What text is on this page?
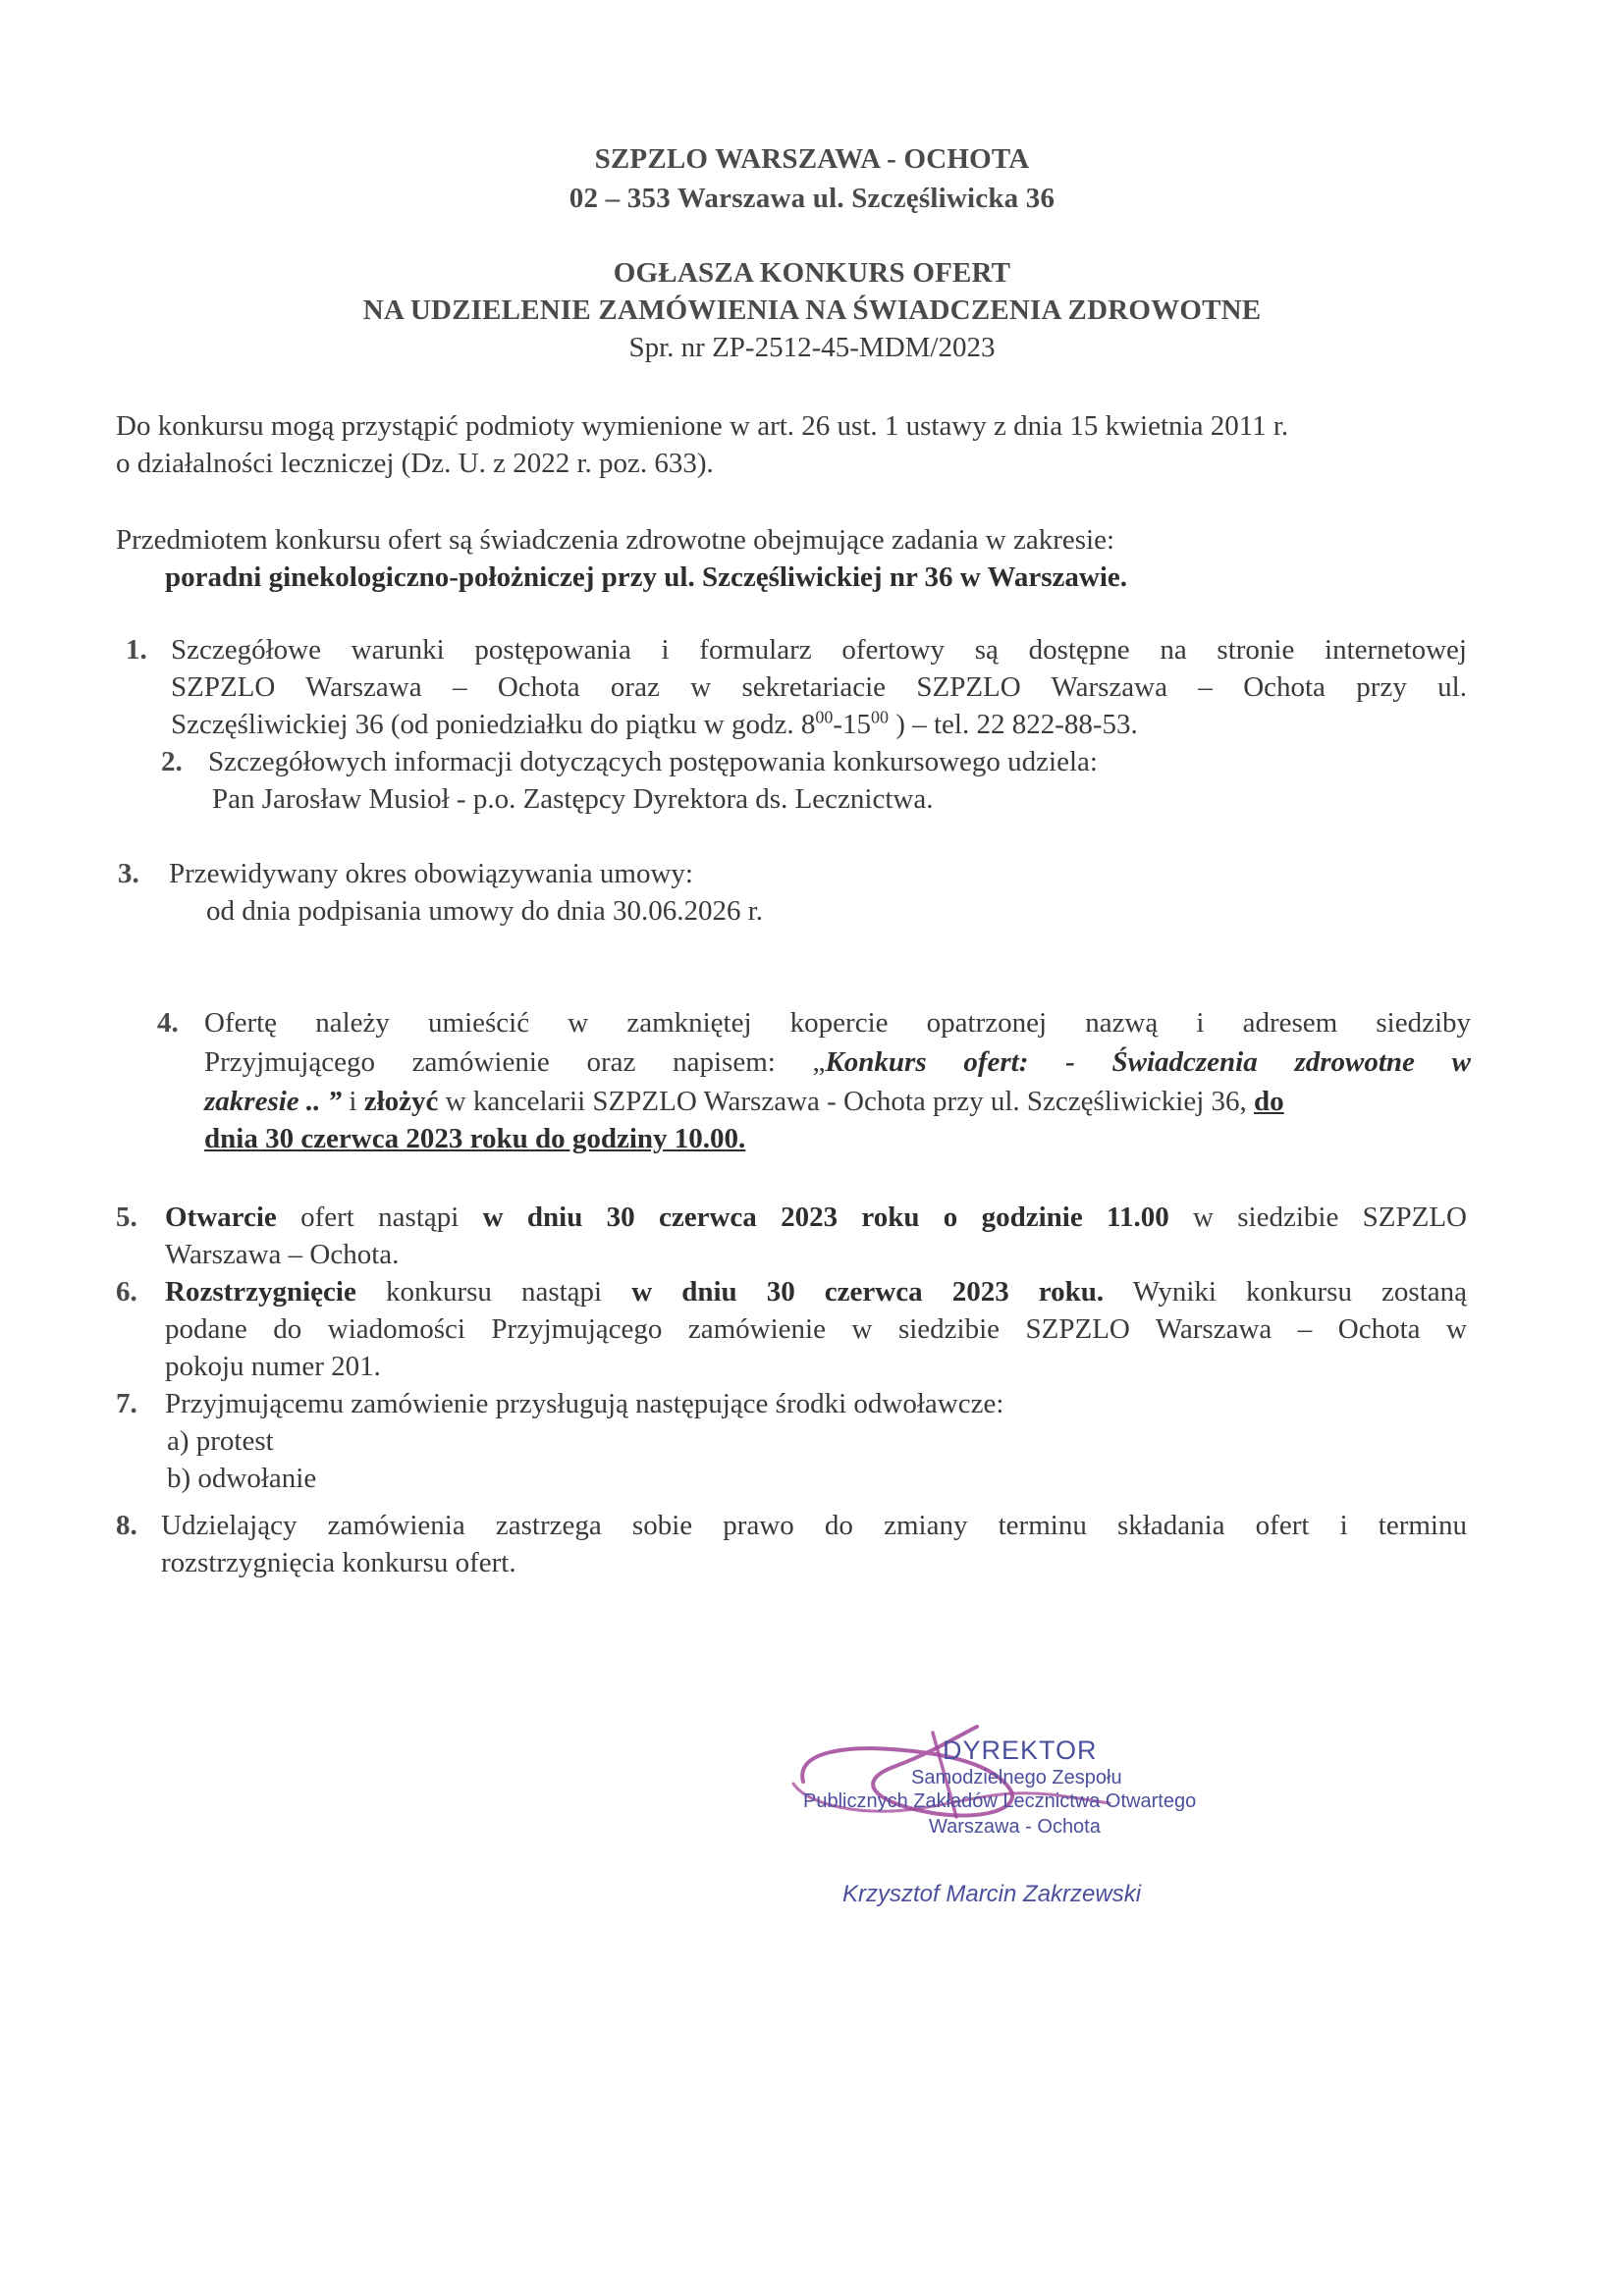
SZPZLO WARSZAWA - OCHOTA
02 – 353 Warszawa ul. Szczęśliwicka 36
OGŁASZA KONKURS OFERT
NA UDZIELENIE ZAMÓWIENIA NA ŚWIADCZENIA ZDROWOTNE
Spr. nr ZP-2512-45-MDM/2023
Do konkursu mogą przystąpić podmioty wymienione w art. 26 ust. 1 ustawy z dnia 15 kwietnia 2011 r.
o działalności leczniczej (Dz. U. z 2022 r. poz. 633).
Przedmiotem konkursu ofert są świadczenia zdrowotne obejmujące zadania w zakresie:
poradni ginekologiczno-położniczej przy ul. Szczęśliwickiej nr 36 w Warszawie.
1. Szczegółowe warunki postępowania i formularz ofertowy są dostępne na stronie internetowej
SZPZLO Warszawa – Ochota oraz w sekretariacie SZPZLO Warszawa – Ochota przy ul.
Szczęśliwickiej 36 (od poniedziałku do piątku w godz. $8^{00}-15^{00}$ ) – tel. 22 822-88-53.
2. Szczegółowych informacji dotyczących postępowania konkursowego udziela:
Pan Jarosław Musioł - p.o. Zastępcy Dyrektora ds. Lecznictwa.
3. Przewidywany okres obowiązywania umowy:
od dnia podpisania umowy do dnia 30.06.2026 r.
4. Ofertę należy umieścić w zamkniętej kopercie opatrzonej nazwą i adresem siedziby
Przyjmującego zamówienie oraz napisem: „Konkurs ofert: - Świadczenia zdrowotne w
zakresie .. ” i złożyć w kancelarii SZPZLO Warszawa - Ochota przy ul. Szczęśliwickiej 36, do
dnia 30 czerwca 2023 roku do godziny 10.00.
5. Otwarcie ofert nastąpi w dniu 30 czerwca 2023 roku o godzinie 11.00 w siedzibie SZPZLO
Warszawa – Ochota.
6. Rozstrzygnięcie konkursu nastąpi w dniu 30 czerwca 2023 roku. Wyniki konkursu zostaną
podane do wiadomości Przyjmującego zamówienie w siedzibie SZPZLO Warszawa – Ochota w
pokoju numer 201.
7. Przyjmującemu zamówienie przysługują następujące środki odwoławcze:
a) protest
b) odwołanie
8. Udzielający zamówienia zastrzega sobie prawo do zmiany terminu składania ofert i terminu
rozstrzygnięcia konkursu ofert.
DYREKTOR
Samodzielnego Zespołu
Publicznych Zakładów Lecznictwa Otwartego
Warszawa - Ochota
Krzysztof Marcin Zakrzewski
